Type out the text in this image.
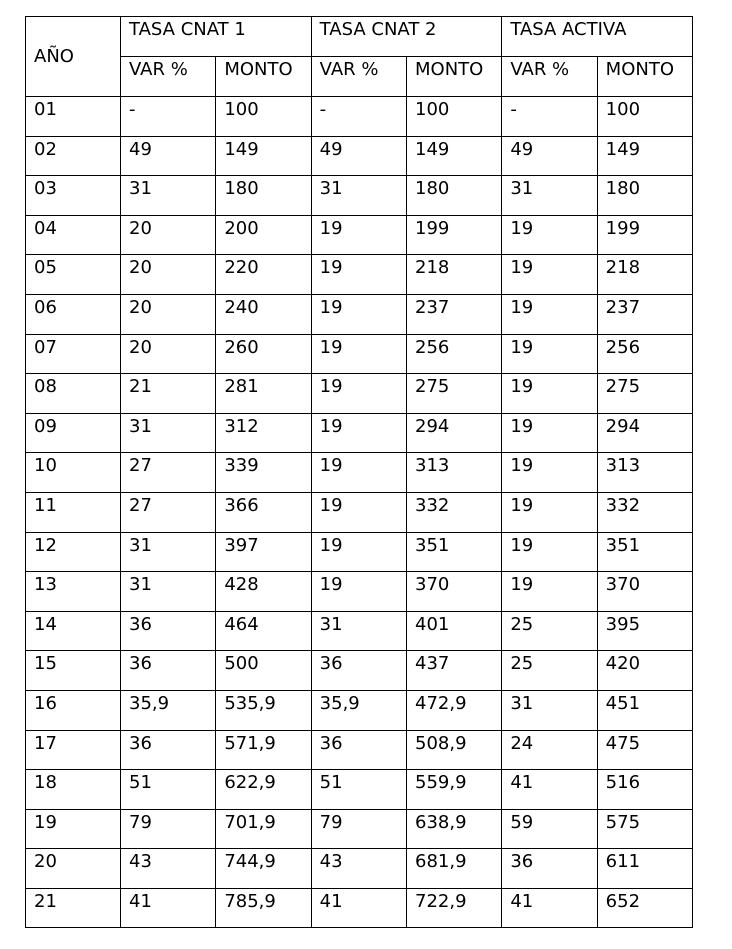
AÑO	TASA CNAT 1		TASA CNAT 2		TASA ACTIVA	
	VAR %	MONTO	VAR %	MONTO	VAR %	MONTO
01	-	100	-	100	-	100
02	49	149	49	149	49	149
03	31	180	31	180	31	180
04	20	200	19	199	19	199
05	20	220	19	218	19	218
06	20	240	19	237	19	237
07	20	260	19	256	19	256
08	21	281	19	275	19	275
09	31	312	19	294	19	294
10	27	339	19	313	19	313
11	27	366	19	332	19	332
12	31	397	19	351	19	351
13	31	428	19	370	19	370
14	36	464	31	401	25	395
15	36	500	36	437	25	420
16	35,9	535,9	35,9	472,9	31	451
17	36	571,9	36	508,9	24	475
18	51	622,9	51	559,9	41	516
19	79	701,9	79	638,9	59	575
20	43	744,9	43	681,9	36	611
21	41	785,9	41	722,9	41	652
